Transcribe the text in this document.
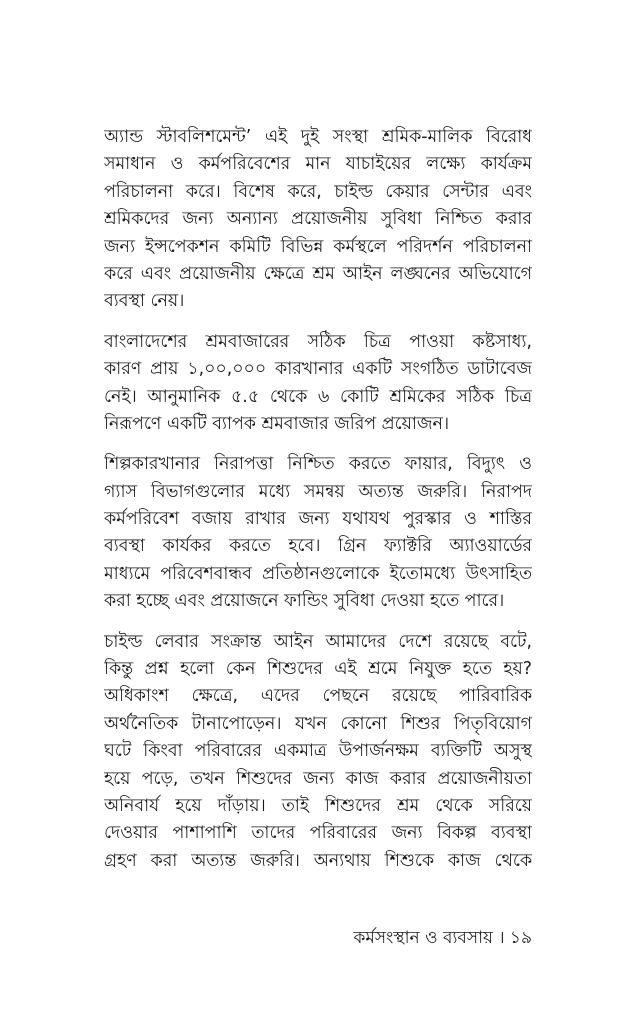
অ্যান্ড স্টাবলিশমেন্ট’ এই দুই সংস্থা শ্রমিক-মালিক বিরোধ
সমাধান ও কর্মপরিবেশের মান যাচাইয়ের লক্ষ্যে কার্যক্রম
পরিচালনা করে। বিশেষ করে, চাইল্ড কেয়ার সেন্টার এবং
শ্রমিকদের জন্য অন্যান্য প্রয়োজনীয় সুবিধা নিশ্চিত করার
জন্য ইন্সপেকশন কমিটি বিভিন্ন কর্মস্থলে পরিদর্শন পরিচালনা
করে এবং প্রয়োজনীয় ক্ষেত্রে শ্রম আইন লঙ্ঘনের অভিযোগে
ব্যবস্থা নেয়।

বাংলাদেশের শ্রমবাজারের সঠিক চিত্র পাওয়া কষ্টসাধ্য,
কারণ প্রায় ১,০০,০০০ কারখানার একটি সংগঠিত ডাটাবেজ
নেই। আনুমানিক ৫.৫ থেকে ৬ কোটি শ্রমিকের সঠিক চিত্র
নিরূপণে একটি ব্যাপক শ্রমবাজার জরিপ প্রয়োজন।

শিল্পকারখানার নিরাপত্তা নিশ্চিত করতে ফায়ার, বিদ্যুৎ ও
গ্যাস বিভাগগুলোর মধ্যে সমন্বয় অত্যন্ত জরুরি। নিরাপদ
কর্মপরিবেশ বজায় রাখার জন্য যথাযথ পুরস্কার ও শাস্তির
ব্যবস্থা কার্যকর করতে হবে। গ্রিন ফ্যাক্টরি অ্যাওয়ার্ডের
মাধ্যমে পরিবেশবান্ধব প্রতিষ্ঠানগুলোকে ইতোমধ্যে উৎসাহিত
করা হচ্ছে এবং প্রয়োজনে ফান্ডিং সুবিধা দেওয়া হতে পারে।

চাইল্ড লেবার সংক্রান্ত আইন আমাদের দেশে রয়েছে বটে,
কিন্তু প্রশ্ন হলো কেন শিশুদের এই শ্রমে নিযুক্ত হতে হয়?
অধিকাংশ ক্ষেত্রে, এদের পেছনে রয়েছে পারিবারিক
অর্থনৈতিক টানাপোড়েন। যখন কোনো শিশুর পিতৃবিয়োগ
ঘটে কিংবা পরিবারের একমাত্র উপার্জনক্ষম ব্যক্তিটি অসুস্থ
হয়ে পড়ে, তখন শিশুদের জন্য কাজ করার প্রয়োজনীয়তা
অনিবার্য হয়ে দাঁড়ায়। তাই শিশুদের শ্রম থেকে সরিয়ে
দেওয়ার পাশাপাশি তাদের পরিবারের জন্য বিকল্প ব্যবস্থা
গ্রহণ করা অত্যন্ত জরুরি। অন্যথায় শিশুকে কাজ থেকে

কর্মসংস্থান ও ব্যবসায় । ১৯
